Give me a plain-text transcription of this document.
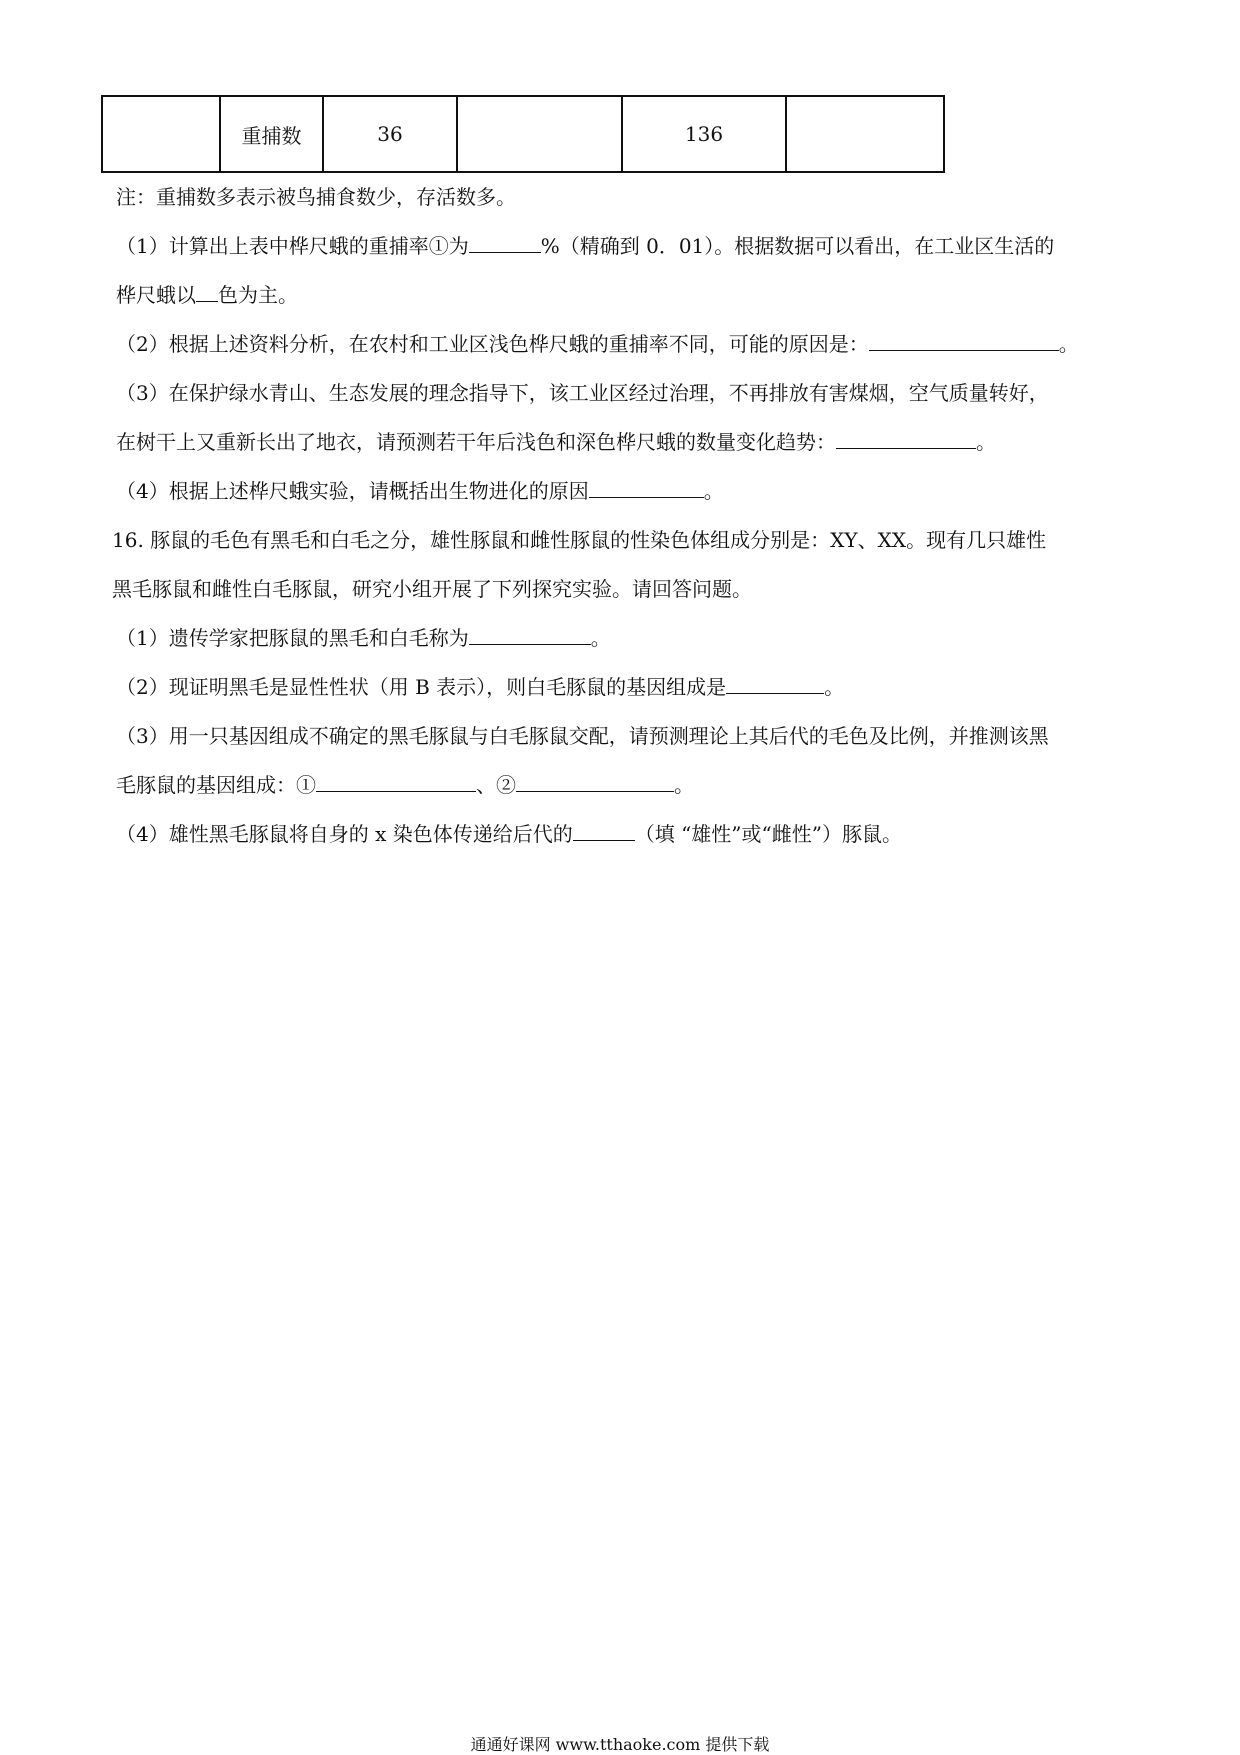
	重捕数	36		136	
注：重捕数多表示被鸟捕食数少，存活数多。
（1）计算出上表中桦尺蛾的重捕率①为	%（精确到 0．01）。根据数据可以看出，在工业区生活的
桦尺蛾以 色为主。
（2）根据上述资料分析，在农村和工业区浅色桦尺蛾的重捕率不同，可能的原因是：	。
（3）在保护绿水青山、生态发展的理念指导下，该工业区经过治理，不再排放有害煤烟，空气质量转好，
在树干上又重新长出了地衣，请预测若干年后浅色和深色桦尺蛾的数量变化趋势：	。
（4）根据上述桦尺蛾实验，请概括出生物进化的原因	。
16. 豚鼠的毛色有黑毛和白毛之分，雄性豚鼠和雌性豚鼠的性染色体组成分别是：XY、XX。现有几只雄性
黑毛豚鼠和雌性白毛豚鼠，研究小组开展了下列探究实验。请回答问题。
（1）遗传学家把豚鼠的黑毛和白毛称为	。
（2）现证明黑毛是显性性状（用 B 表示），则白毛豚鼠的基因组成是	。
（3）用一只基因组成不确定的黑毛豚鼠与白毛豚鼠交配，请预测理论上其后代的毛色及比例，并推测该黑
毛豚鼠的基因组成：①	、②	。
（4）雄性黑毛豚鼠将自身的 x 染色体传递给后代的	（填 “雄性”或“雌性”）豚鼠。
通通好课网 www.tthaoke.com 提供下载
